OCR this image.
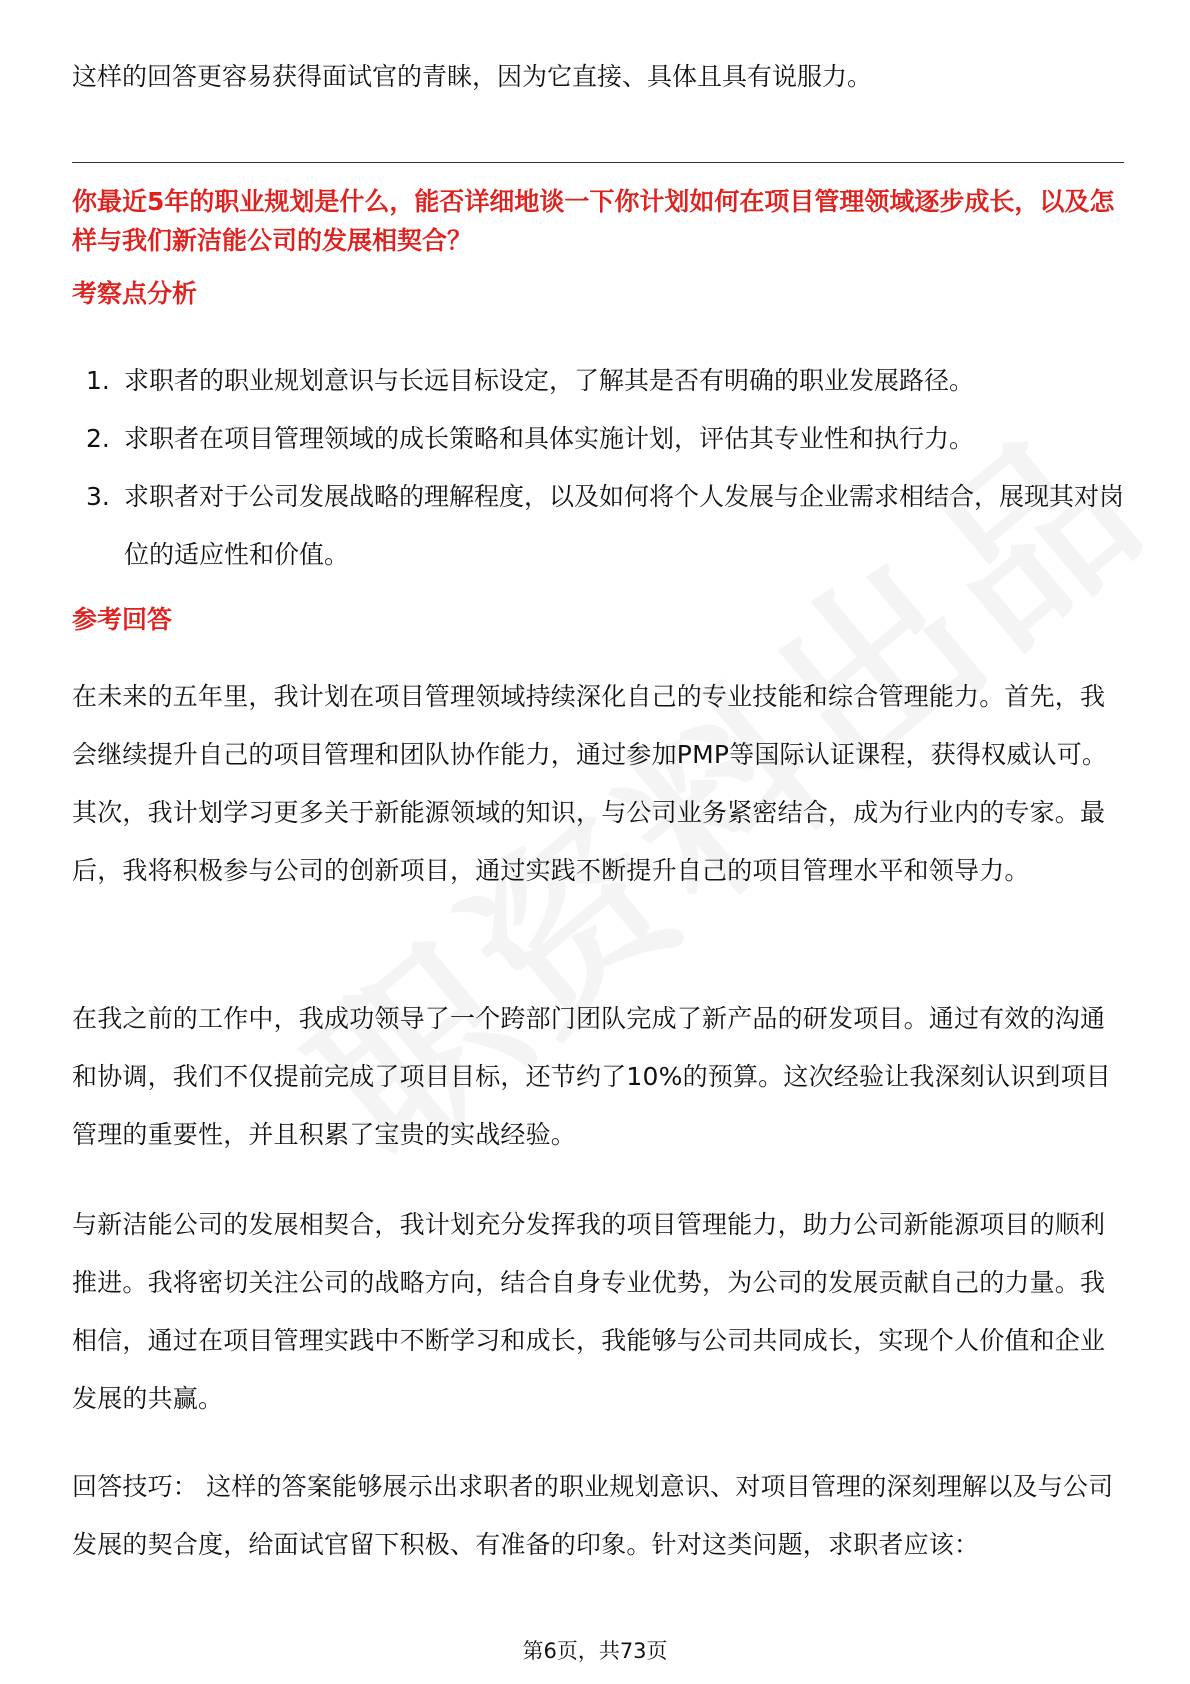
这样的回答更容易获得面试官的青睐，因为它直接、具体且具有说服力。

你最近5年的职业规划是什么，能否详细地谈一下你计划如何在项目管理领域逐步成长，以及怎样与我们新洁能公司的发展相契合？

考察点分析

1. 求职者的职业规划意识与长远目标设定，了解其是否有明确的职业发展路径。
2. 求职者在项目管理领域的成长策略和具体实施计划，评估其专业性和执行力。
3. 求职者对于公司发展战略的理解程度，以及如何将个人发展与企业需求相结合，展现其对岗位的适应性和价值。

参考回答

在未来的五年里，我计划在项目管理领域持续深化自己的专业技能和综合管理能力。首先，我会继续提升自己的项目管理和团队协作能力，通过参加PMP等国际认证课程，获得权威认可。其次，我计划学习更多关于新能源领域的知识，与公司业务紧密结合，成为行业内的专家。最后，我将积极参与公司的创新项目，通过实践不断提升自己的项目管理水平和领导力。

在我之前的工作中，我成功领导了一个跨部门团队完成了新产品的研发项目。通过有效的沟通和协调，我们不仅提前完成了项目目标，还节约了10%的预算。这次经验让我深刻认识到项目管理的重要性，并且积累了宝贵的实战经验。

与新洁能公司的发展相契合，我计划充分发挥我的项目管理能力，助力公司新能源项目的顺利推进。我将密切关注公司的战略方向，结合自身专业优势，为公司的发展贡献自己的力量。我相信，通过在项目管理实践中不断学习和成长，我能够与公司共同成长，实现个人价值和企业发展的共赢。

回答技巧： 这样的答案能够展示出求职者的职业规划意识、对项目管理的深刻理解以及与公司发展的契合度，给面试官留下积极、有准备的印象。针对这类问题，求职者应该：

第6页，共73页
